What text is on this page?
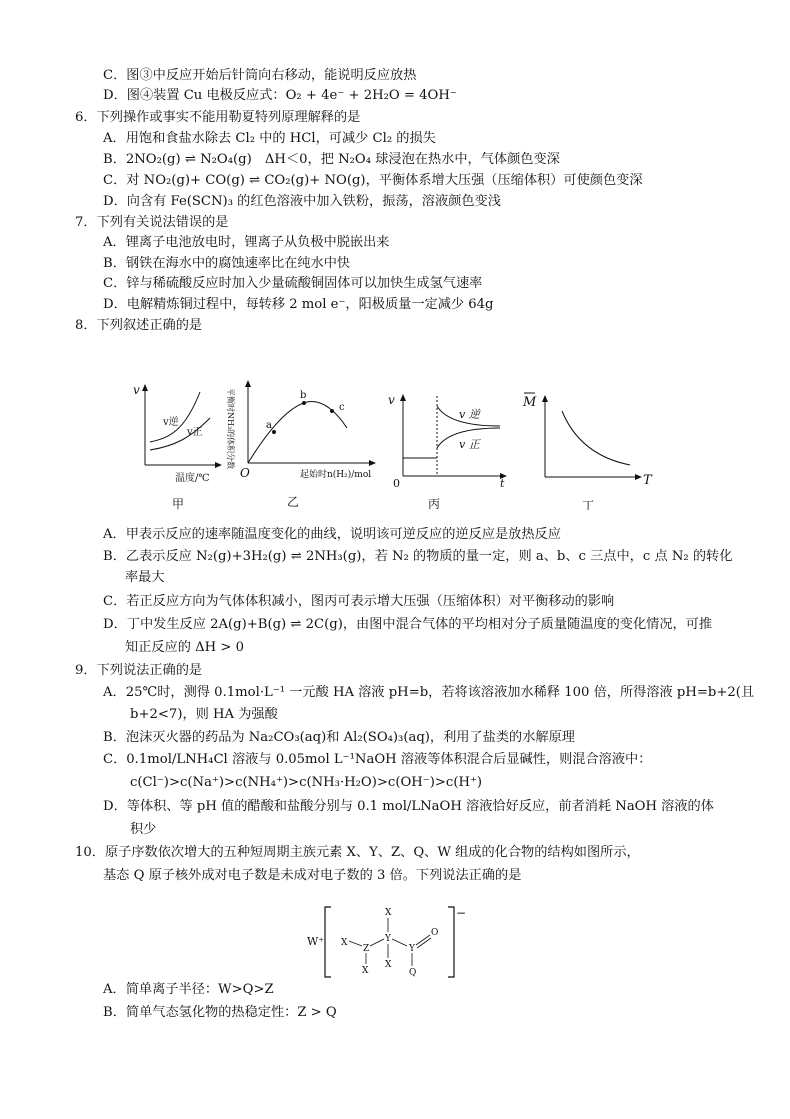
C．图③中反应开始后针筒向右移动，能说明反应放热
D．图④装置 Cu 电极反应式：O₂ + 4e⁻ + 2H₂O = 4OH⁻
6．下列操作或事实不能用勒夏特列原理解释的是
A．用饱和食盐水除去 Cl₂ 中的 HCl，可减少 Cl₂ 的损失
B．2NO₂(g) ⇌ N₂O₄(g)　ΔH＜0，把 N₂O₄ 球浸泡在热水中，气体颜色变深
C．对 NO₂(g)+ CO(g) ⇌ CO₂(g)+ NO(g)，平衡体系增大压强（压缩体积）可使颜色变深
D．向含有 Fe(SCN)₃ 的红色溶液中加入铁粉，振荡，溶液颜色变浅
7．下列有关说法错误的是
A．锂离子电池放电时，锂离子从负极中脱嵌出来
B．钢铁在海水中的腐蚀速率比在纯水中快
C．锌与稀硫酸反应时加入少量硫酸铜固体可以加快生成氢气速率
D．电解精炼铜过程中，每转移 2 mol e⁻，阳极质量一定减少 64g
8．下列叙述正确的是
A．甲表示反应的速率随温度变化的曲线，说明该可逆反应的逆反应是放热反应
B．乙表示反应 N₂(g)+3H₂(g) ⇌ 2NH₃(g)，若 N₂ 的物质的量一定，则 a、b、c 三点中，c 点 N₂ 的转化
率最大
C．若正反应方向为气体体积减小，图丙可表示增大压强（压缩体积）对平衡移动的影响
D．丁中发生反应 2A(g)+B(g) ⇌ 2C(g)，由图中混合气体的平均相对分子质量随温度的变化情况，可推
知正反应的 ΔH > 0
9．下列说法正确的是
A．25℃时，测得 0.1mol·L⁻¹ 一元酸 HA 溶液 pH=b，若将该溶液加水稀释 100 倍，所得溶液 pH=b+2(且
b+2<7)，则 HA 为强酸
B．泡沫灭火器的药品为 Na₂CO₃(aq)和 Al₂(SO₄)₃(aq)，利用了盐类的水解原理
C．0.1mol/LNH₄Cl 溶液与 0.05mol L⁻¹NaOH 溶液等体积混合后显碱性，则混合溶液中：
c(Cl⁻)>c(Na⁺)>c(NH₄⁺)>c(NH₃·H₂O)>c(OH⁻)>c(H⁺)
D．等体积、等 pH 值的醋酸和盐酸分别与 0.1 mol/LNaOH 溶液恰好反应，前者消耗 NaOH 溶液的体
积少
10．原子序数依次增大的五种短周期主族元素 X、Y、Z、Q、W 组成的化合物的结构如图所示，
基态 Q 原子核外成对电子数是未成对电子数的 3 倍。下列说法正确的是
A．简单离子半径：W>Q>Z
B．简单气态氢化物的热稳定性：Z > Q
v
v逆
v正
温度/℃
甲
a
b
c
平衡时NH₃的体积分数
O	起始时n(H₂)/mol
乙
v
v 逆
v 正
0	t
丙
M
T
丁
W⁺
−
X
X	Y
X
Z
X
Y
O
Q
